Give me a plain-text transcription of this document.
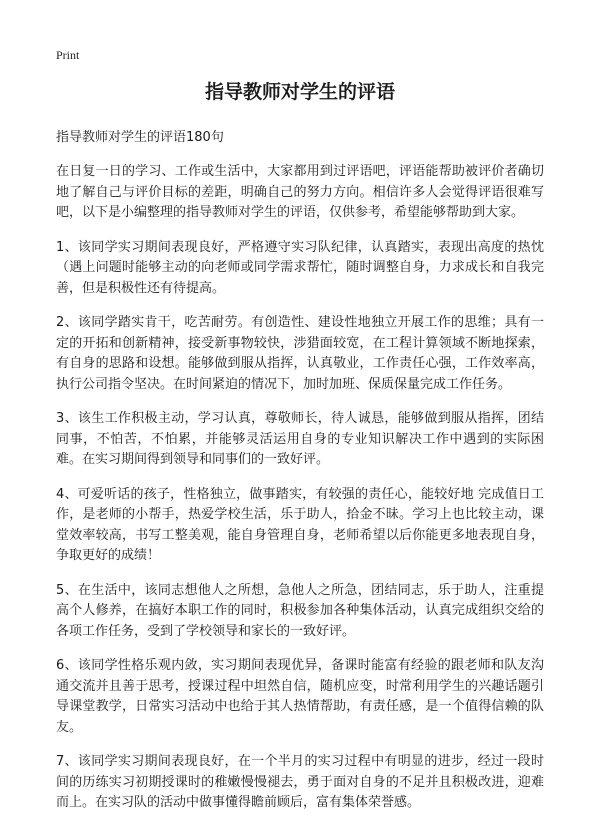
Print
指导教师对学生的评语
指导教师对学生的评语180句

在日复一日的学习、工作或生活中，大家都用到过评语吧，评语能帮助被评价者确切地了解自己与评价目标的差距，明确自己的努力方向。相信许多人会觉得评语很难写吧，以下是小编整理的指导教师对学生的评语，仅供参考，希望能够帮助到大家。

1、该同学实习期间表现良好，严格遵守实习队纪律，认真踏实，表现出高度的热忱（遇上问题时能够主动的向老师或同学需求帮忙，随时调整自身，力求成长和自我完善，但是积极性还有待提高。

2、该同学踏实肯干，吃苦耐劳。有创造性、建设性地独立开展工作的思维；具有一定的开拓和创新精神，接受新事物较快，涉猎面较宽，在工程计算领域不断地探索，有自身的思路和设想。能够做到服从指挥，认真敬业，工作责任心强，工作效率高，执行公司指令坚决。在时间紧迫的情况下，加时加班、保质保量完成工作任务。

3、该生工作积极主动，学习认真，尊敬师长，待人诚恳，能够做到服从指挥，团结同事，不怕苦，不怕累，并能够灵活运用自身的专业知识解决工作中遇到的实际困难。在实习期间得到领导和同事们的一致好评。

4、可爱听话的孩子，性格独立，做事踏实，有较强的责任心，能较好地 完成值日工作，是老师的小帮手，热爱学校生活，乐于助人，拾金不昧。学习上也比较主动，课堂效率较高，书写工整美观，能自身管理自身，老师希望以后你能更多地表现自身，争取更好的成绩！

5、在生活中，该同志想他人之所想，急他人之所急，团结同志，乐于助人，注重提高个人修养，在搞好本职工作的同时，积极参加各种集体活动，认真完成组织交给的各项工作任务，受到了学校领导和家长的一致好评。

6、该同学性格乐观内敛，实习期间表现优异，备课时能富有经验的跟老师和队友沟通交流并且善于思考，授课过程中坦然自信，随机应变，时常利用学生的兴趣话题引导课堂教学，日常实习活动中也给于其人热情帮助，有责任感，是一个值得信赖的队友。

7、该同学实习期间表现良好，在一个半月的实习过程中有明显的进步，经过一段时间的历练实习初期授课时的稚嫩慢慢褪去，勇于面对自身的不足并且积极改进，迎难而上。在实习队的活动中做事懂得瞻前顾后，富有集体荣誉感。
